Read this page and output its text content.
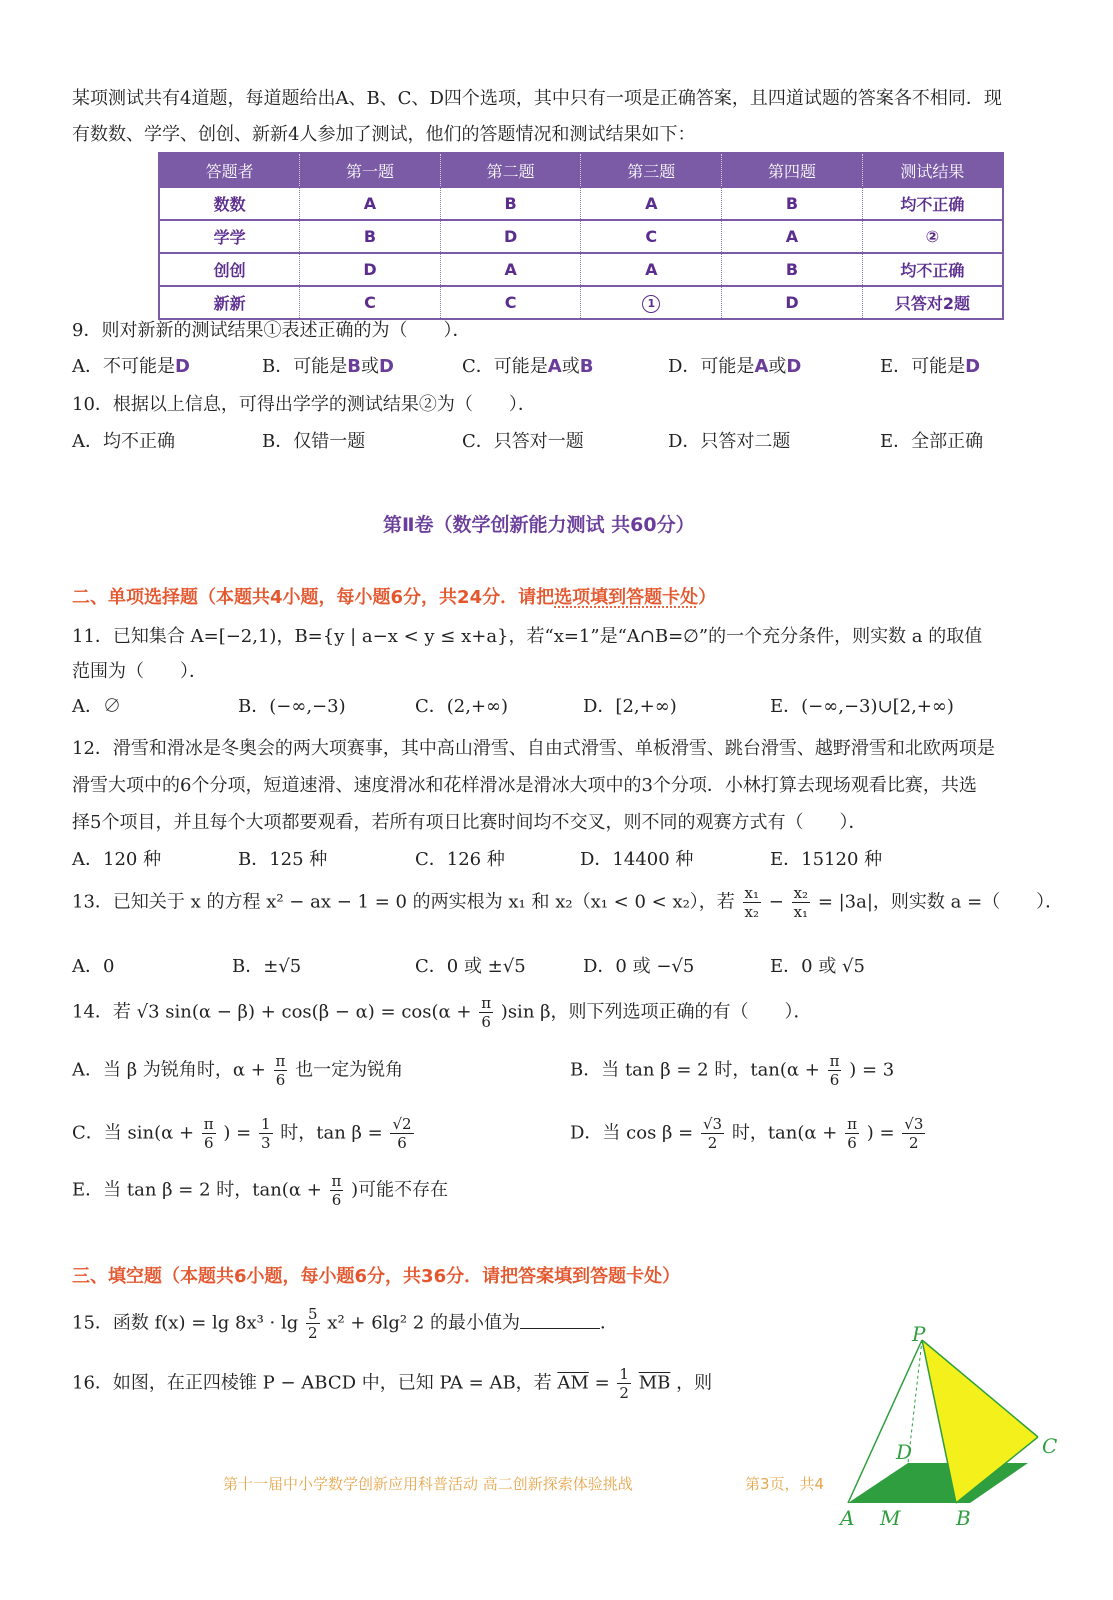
某项测试共有4道题，每道题给出A、B、C、D四个选项，其中只有一项是正确答案，且四道试题的答案各不相同．现
有数数、学学、创创、新新4人参加了测试，他们的答题情况和测试结果如下：
答题者	第一题	第二题	第三题	第四题	测试结果
数数	A	B	A	B	均不正确
学学	B	D	C	A	②
创创	D	A	A	B	均不正确
新新	C	C	1	D	只答对2题
9．则对新新的测试结果①表述正确的为（　　）．
A．不可能是D	B．可能是B或D	C．可能是A或B	D．可能是A或D	E．可能是D
10．根据以上信息，可得出学学的测试结果②为（　　）．
A．均不正确	B．仅错一题	C．只答对一题	D．只答对二题	E．全部正确
第Ⅱ卷（数学创新能力测试 共60分）
二、单项选择题（本题共4小题，每小题6分，共24分．请把选项填到答题卡处）
11．已知集合 A=[−2,1)，B={y | a−x < y ≤ x+a}，若“x=1”是“A∩B=∅”的一个充分条件，则实数 a 的取值
范围为（　　）．
A．∅	B．(−∞,−3)	C．(2,+∞)	D．[2,+∞)	E．(−∞,−3)∪[2,+∞)
12．滑雪和滑冰是冬奥会的两大项赛事，其中高山滑雪、自由式滑雪、单板滑雪、跳台滑雪、越野滑雪和北欧两项是
滑雪大项中的6个分项，短道速滑、速度滑冰和花样滑冰是滑冰大项中的3个分项．小林打算去现场观看比赛，共选
择5个项目，并且每个大项都要观看，若所有项日比赛时间均不交叉，则不同的观赛方式有（　　）．
A．120 种	B．125 种	C．126 种	D．14400 种	E．15120 种
13．已知关于 x 的方程 x² − ax − 1 = 0 的两实根为 x₁ 和 x₂（x₁ < 0 < x₂），若 $\frac{\text{x₁}}{\text{x₂}} - \frac{\text{x₂}}{\text{x₁}} = |3a|$，则实数 a =（　　）．
A．0	B．±√5	C．0 或 ±√5	D．0 或 −√5	E．0 或 √5
14．若 √3 $\sin(\alpha - \beta) + \cos(\beta - \alpha) = \cos(\alpha + \frac{\pi}{6} )\sin$ β，则下列选项正确的有（　　）．
A．当 β 为锐角时，$\alpha + \frac{\pi}{6}$ 也一定为锐角	B．当 tan β = 2 时，$\tan(\alpha + \frac{\pi}{6}$ ) = 3
C．当 $\sin(\alpha + \frac{\pi}{6}$ ) = $\frac{1}{3}$ 时，$\tan \beta = \frac{√2}{6}$	D．当 $\cos \beta = \frac{√3}{2}$ 时，$\tan(\alpha + \frac{\pi}{6}$ ) = $\frac{√3}{2}$
E．当 tan β = 2 时，$\tan(\alpha + \frac{\pi}{6}$ )可能不存在
三、填空题（本题共6小题，每小题6分，共36分．请把答案填到答题卡处）
15．函数 $f(x) = \lg 8x^3 \cdot \lg \frac{5}{2} x^2 + 6\lg^2$ 2 的最小值为	．
16．如图，在正四棱锥 P − ABCD 中，已知 PA = AB，若 $\overline{AM} = \frac{1}{2} \overline{MB}$ ，则
第十一届中小学数学创新应用科普活动 高二创新探索体验挑战	第3页，共4
P
D	C
A M	B
